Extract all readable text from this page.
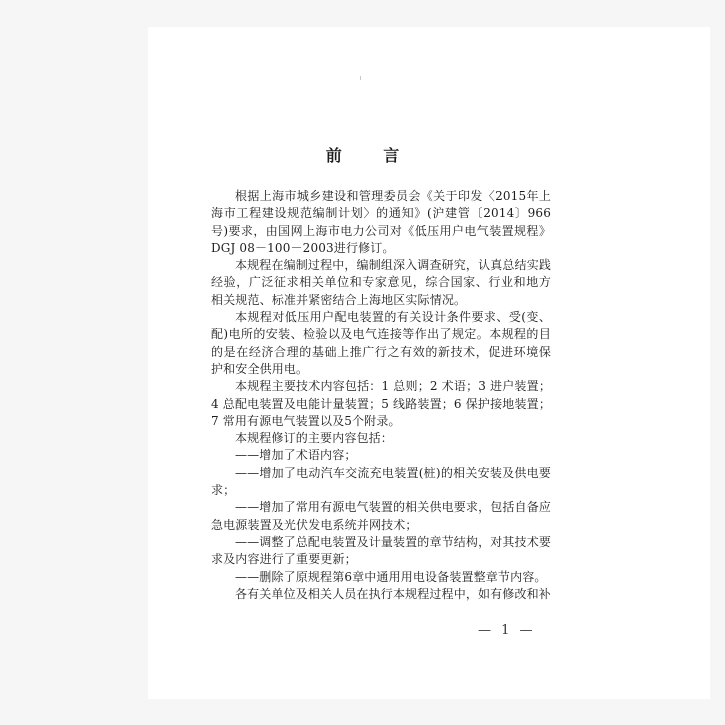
前 言

根据上海市城乡建设和管理委员会《关于印发〈2015年上海市工程建设规范编制计划〉的通知》(沪建管〔2014〕966号)要求，由国网上海市电力公司对《低压用户电气装置规程》DGJ 08－100－2003进行修订。

本规程在编制过程中，编制组深入调查研究，认真总结实践经验，广泛征求相关单位和专家意见，综合国家、行业和地方相关规范、标准并紧密结合上海地区实际情况。

本规程对低压用户配电装置的有关设计条件要求、受(变、配)电所的安装、检验以及电气连接等作出了规定。本规程的目的是在经济合理的基础上推广行之有效的新技术，促进环境保护和安全供用电。

本规程主要技术内容包括：1 总则；2 术语；3 进户装置；4 总配电装置及电能计量装置；5 线路装置；6 保护接地装置；7 常用有源电气装置以及5个附录。

本规程修订的主要内容包括：

——增加了术语内容；

——增加了电动汽车交流充电装置(桩)的相关安装及供电要求；

——增加了常用有源电气装置的相关供电要求，包括自备应急电源装置及光伏发电系统并网技术；

——调整了总配电装置及计量装置的章节结构，对其技术要求及内容进行了重要更新；

——删除了原规程第6章中通用用电设备装置整章节内容。

各有关单位及相关人员在执行本规程过程中，如有修改和补

— 1 —
